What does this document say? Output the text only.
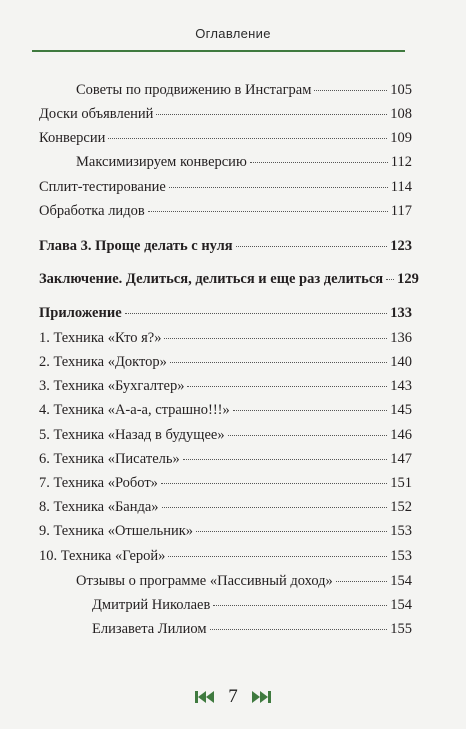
Оглавление
Советы по продвижению в Инстаграм	105
Доски объявлений	108
Конверсии	109
Максимизируем конверсию	112
Сплит-тестирование	114
Обработка лидов	117
Глава 3. Проще делать с нуля	123
Заключение. Делиться, делиться и еще раз делиться 129
Приложение	133
1. Техника «Кто я?»	136
2. Техника «Доктор»	140
3. Техника «Бухгалтер»	143
4. Техника «А-а-а, страшно!!!»	145
5. Техника «Назад в будущее»	146
6. Техника «Писатель»	147
7. Техника «Робот»	151
8. Техника «Банда»	152
9. Техника «Отшельник»	153
10. Техника «Герой»	153
Отзывы о программе «Пассивный доход»	154
Дмитрий Николаев	154
Елизавета Лилиом	155
7
